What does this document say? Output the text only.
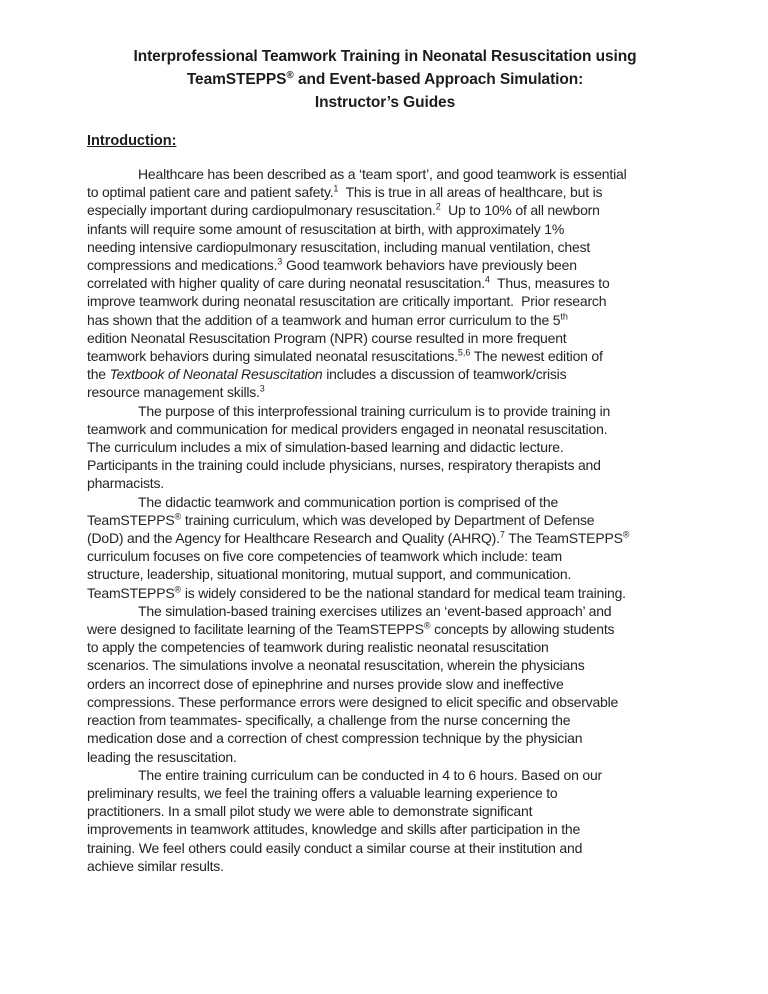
Interprofessional Teamwork Training in Neonatal Resuscitation using
TeamSTEPPS® and Event-based Approach Simulation:
Instructor’s Guides
Introduction:
Healthcare has been described as a ‘team sport’, and good teamwork is essential
to optimal patient care and patient safety.$^1$  This is true in all areas of healthcare, but is
especially important during cardiopulmonary resuscitation.$^2$  Up to 10% of all newborn
infants will require some amount of resuscitation at birth, with approximately 1%
needing intensive cardiopulmonary resuscitation, including manual ventilation, chest
compressions and medications.$^3$ Good teamwork behaviors have previously been
correlated with higher quality of care during neonatal resuscitation.$^4$  Thus, measures to
improve teamwork during neonatal resuscitation are critically important.  Prior research
has shown that the addition of a teamwork and human error curriculum to the 5th
edition Neonatal Resuscitation Program (NPR) course resulted in more frequent
teamwork behaviors during simulated neonatal resuscitations.$^{5,6}$ The newest edition of
the Textbook of Neonatal Resuscitation includes a discussion of teamwork/crisis
resource management skills.$^3$
The purpose of this interprofessional training curriculum is to provide training in
teamwork and communication for medical providers engaged in neonatal resuscitation.
The curriculum includes a mix of simulation-based learning and didactic lecture.
Participants in the training could include physicians, nurses, respiratory therapists and
pharmacists.
The didactic teamwork and communication portion is comprised of the
TeamSTEPPS® training curriculum, which was developed by Department of Defense
(DoD) and the Agency for Healthcare Research and Quality (AHRQ).$^7$ The TeamSTEPPS®
curriculum focuses on five core competencies of teamwork which include: team
structure, leadership, situational monitoring, mutual support, and communication.
TeamSTEPPS® is widely considered to be the national standard for medical team training.
The simulation-based training exercises utilizes an ‘event-based approach’ and
were designed to facilitate learning of the TeamSTEPPS® concepts by allowing students
to apply the competencies of teamwork during realistic neonatal resuscitation
scenarios. The simulations involve a neonatal resuscitation, wherein the physicians
orders an incorrect dose of epinephrine and nurses provide slow and ineffective
compressions. These performance errors were designed to elicit specific and observable
reaction from teammates- specifically, a challenge from the nurse concerning the
medication dose and a correction of chest compression technique by the physician
leading the resuscitation.
The entire training curriculum can be conducted in 4 to 6 hours. Based on our
preliminary results, we feel the training offers a valuable learning experience to
practitioners. In a small pilot study we were able to demonstrate significant
improvements in teamwork attitudes, knowledge and skills after participation in the
training. We feel others could easily conduct a similar course at their institution and
achieve similar results.
